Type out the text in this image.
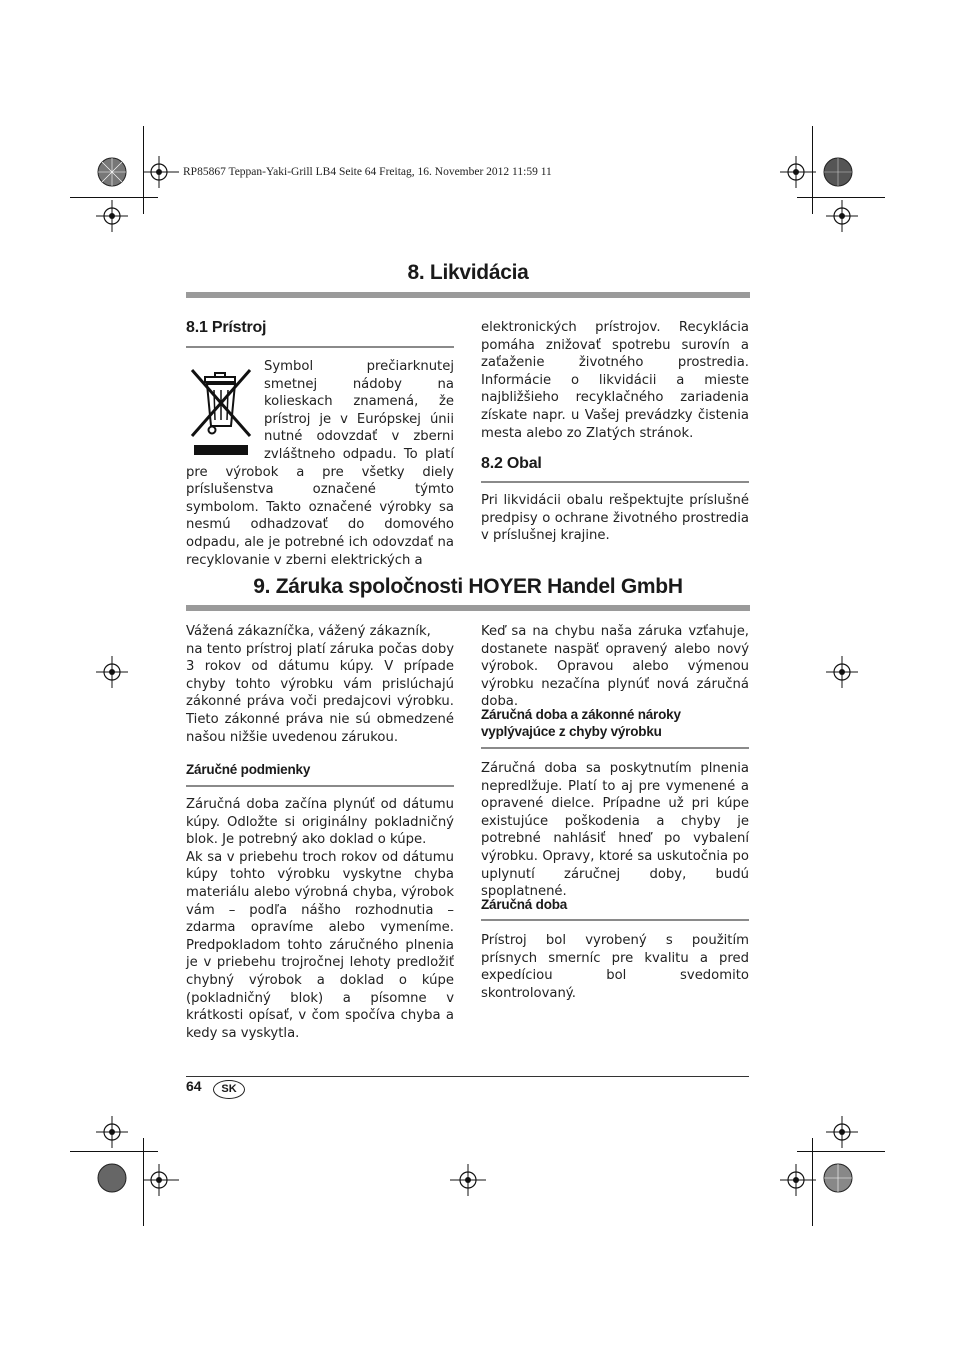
RP85867 Teppan-Yaki-Grill LB4 Seite 64 Freitag, 16. November 2012 11:59 11
8. Likvidácia
8.1 Prístroj
Symbol prečiarknutej smetnej nádoby na kolieskach znamená, že prístroj je v Európskej únii nutné odovzdať v zberni zvláštneho odpadu. To platí pre výrobok a pre všetky diely príslušenstva označené týmto symbolom. Takto označené výrobky sa nesmú odhadzovať do domového odpadu, ale je potrebné ich odovzdať na recyklovanie v zberni elektrických a
elektronických prístrojov. Recyklácia pomáha znižovať spotrebu surovín a zaťaženie životného prostredia. Informácie o likvidácii a mieste najbližšieho recyklačného zariadenia získate napr. u Vašej prevádzky čistenia mesta alebo zo Zlatých stránok.
8.2 Obal
Pri likvidácii obalu rešpektujte príslušné predpisy o ochrane životného prostredia v príslušnej krajine.
9. Záruka spoločnosti HOYER Handel GmbH

Vážená zákazníčka, vážený zákazník,

na tento prístroj platí záruka počas doby 3 rokov od dátumu kúpy. V prípade chyby tohto výrobku vám prislúchajú zákonné práva voči predajcovi výrobku. Tieto zákonné práva nie sú obmedzené našou nižšie uvedenou zárukou.

Záručné podmienky

Záručná doba začína plynúť od dátumu kúpy. Odložte si originálny pokladničný blok. Je potrebný ako doklad o kúpe.

Ak sa v priebehu troch rokov od dátumu kúpy tohto výrobku vyskytne chyba materiálu alebo výrobná chyba, výrobok vám – podľa nášho rozhodnutia – zdarma opravíme alebo vymeníme. Predpokladom tohto záručného plnenia je v priebehu trojročnej lehoty predložiť chybný výrobok a doklad o kúpe (pokladničný blok) a písomne v krátkosti opísať, v čom spočíva chyba a kedy sa vyskytla.

Keď sa na chybu naša záruka vzťahuje, dostanete naspäť opravený alebo nový výrobok. Opravou alebo výmenou výrobku nezačína plynúť nová záručná doba.
Záručná doba a zákonné nároky
vyplývajúce z chyby výrobku
Záručná doba sa poskytnutím plnenia nepredlžuje. Platí to aj pre vymenené a opravené dielce. Prípadne už pri kúpe existujúce poškodenia a chyby je potrebné nahlásiť hneď po vybalení výrobku. Opravy, ktoré sa uskutočnia po uplynutí záručnej doby, budú spoplatnené.
Záručná doba
Prístroj bol vyrobený s použitím prísnych smerníc pre kvalitu a pred expedíciou bol svedomito skontrolovaný.
64	SK
